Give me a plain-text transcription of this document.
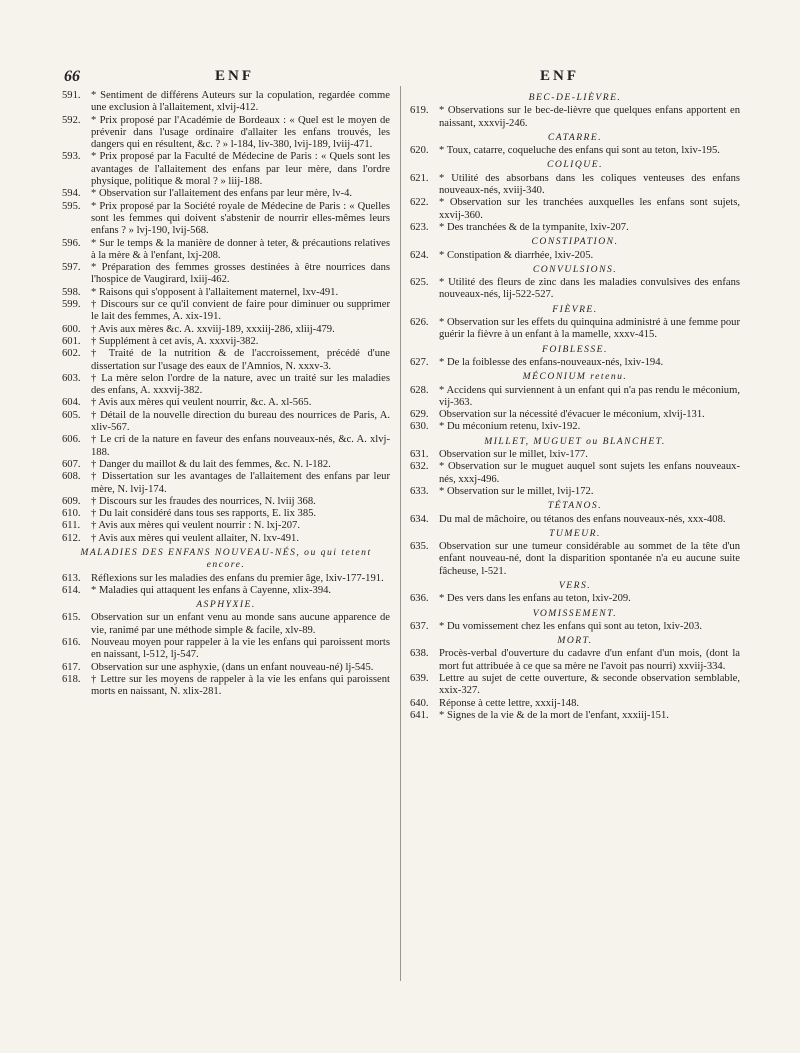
66	ENF	ENF
591. * Sentiment de différens Auteurs sur la copulation, regardée comme une exclusion à l'allaitement, xlvij-412.
592. * Prix proposé par l'Académie de Bordeaux : « Quel est le moyen de prévenir dans l'usage ordinaire d'allaiter les enfans trouvés, les dangers qui en résultent, &c. ? » l-184, liv-380, lvij-189, lviij-471.
593. * Prix proposé par la Faculté de Médecine de Paris : « Quels sont les avantages de l'allaitement des enfans par leur mère, dans l'ordre physique, politique & moral ? » liij-188.
594. * Observation sur l'allaitement des enfans par leur mère, lv-4.
595. * Prix proposé par la Société royale de Médecine de Paris : « Quelles sont les femmes qui doivent s'abstenir de nourrir elles-mêmes leurs enfans ? » lvj-190, lvij-568.
596. * Sur le temps & la manière de donner à teter, & précautions relatives à la mère & à l'enfant, lxj-208.
597. * Préparation des femmes grosses destinées à être nourrices dans l'hospice de Vaugirard, lxiij-462.
598. * Raisons qui s'opposent à l'allaitement maternel, lxv-491.
599. † Discours sur ce qu'il convient de faire pour diminuer ou supprimer le lait des femmes, A. xix-191.
600. † Avis aux mères &c. A. xxviij-189, xxxiij-286, xliij-479.
601. † Supplément à cet avis, A. xxxvij-382.
602. † Traité de la nutrition & de l'accroissement, précédé d'une dissertation sur l'usage des eaux de l'Amnios, N. xxxv-3.
603. † La mère selon l'ordre de la nature, avec un traité sur les maladies des enfans, A. xxxvij-382.
604. † Avis aux mères qui veulent nourrir, &c. A. xl-565.
605. † Détail de la nouvelle direction du bureau des nourrices de Paris, A. xliv-567.
606. † Le cri de la nature en faveur des enfans nouveaux-nés, &c. A. xlvj-188.
607. † Danger du maillot & du lait des femmes, &c. N. l-182.
608. † Dissertation sur les avantages de l'allaitement des enfans par leur mère, N. lvij-174.
609. † Discours sur les fraudes des nourrices, N. lviij 368.
610. † Du lait considéré dans tous ses rapports, E. lix 385.
611. † Avis aux mères qui veulent nourrir : N. lxj-207.
612. † Avis aux mères qui veulent allaiter, N. lxv-491.
MALADIES DES ENFANS NOUVEAU-NÉS, ou qui tetent encore.
613. Réflexions sur les maladies des enfans du premier âge, lxiv-177-191.
614. * Maladies qui attaquent les enfans à Cayenne, xlix-394.
ASPHYXIE.
615. Observation sur un enfant venu au monde sans aucune apparence de vie, ranimé par une méthode simple & facile, xlv-89.
616. Nouveau moyen pour rappeler à la vie les enfans qui paroissent morts en naissant, l-512, lj-547.
617. Observation sur une asphyxie, (dans un enfant nouveau-né) lj-545.
618. † Lettre sur les moyens de rappeler à la vie les enfans qui paroissent morts en naissant, N. xlix-281.
BEC-DE-LIÈVRE.
619. * Observations sur le bec-de-lièvre que quelques enfans apportent en naissant, xxxvij-246.
CATARRE.
620. * Toux, catarre, coqueluche des enfans qui sont au teton, lxiv-195.
COLIQUE.
621. * Utilité des absorbans dans les coliques venteuses des enfans nouveaux-nés, xviij-340.
622. * Observation sur les tranchées auxquelles les enfans sont sujets, xxvij-360.
623. * Des tranchées & de la tympanite, lxiv-207.
CONSTIPATION.
624. * Constipation & diarrhée, lxiv-205.
CONVULSIONS.
625. * Utilité des fleurs de zinc dans les maladies convulsives des enfans nouveaux-nés, lij-522-527.
FIÈVRE.
626. * Observation sur les effets du quinquina administré à une femme pour guérir la fièvre à un enfant à la mamelle, xxxv-415.
FOIBLESSE.
627. * De la foiblesse des enfans-nouveaux-nés, lxiv-194.
MÉCONIUM retenu.
628. * Accidens qui surviennent à un enfant qui n'a pas rendu le méconium, vij-363.
629. Observation sur la nécessité d'évacuer le méconium, xlvij-131.
630. * Du méconium retenu, lxiv-192.
MILLET, MUGUET ou BLANCHET.
631. Observation sur le millet, lxiv-177.
632. * Observation sur le muguet auquel sont sujets les enfans nouveaux-nés, xxxj-496.
633. * Observation sur le millet, lvij-172.
TÉTANOS.
634. Du mal de mâchoire, ou tétanos des enfans nouveaux-nés, xxx-408.
TUMEUR.
635. Observation sur une tumeur considérable au sommet de la tête d'un enfant nouveau-né, dont la disparition spontanée n'a eu aucune suite fâcheuse, l-521.
VERS.
636. * Des vers dans les enfans au teton, lxiv-209.
VOMISSEMENT.
637. * Du vomissement chez les enfans qui sont au teton, lxiv-203.
MORT.
638. Procès-verbal d'ouverture du cadavre d'un enfant d'un mois, (dont la mort fut attribuée à ce que sa mère ne l'avoit pas nourri) xxviij-334.
639. Lettre au sujet de cette ouverture, & seconde observation semblable, xxix-327.
640. Réponse à cette lettre, xxxij-148.
641. * Signes de la vie & de la mort de l'enfant, xxxiij-151.
